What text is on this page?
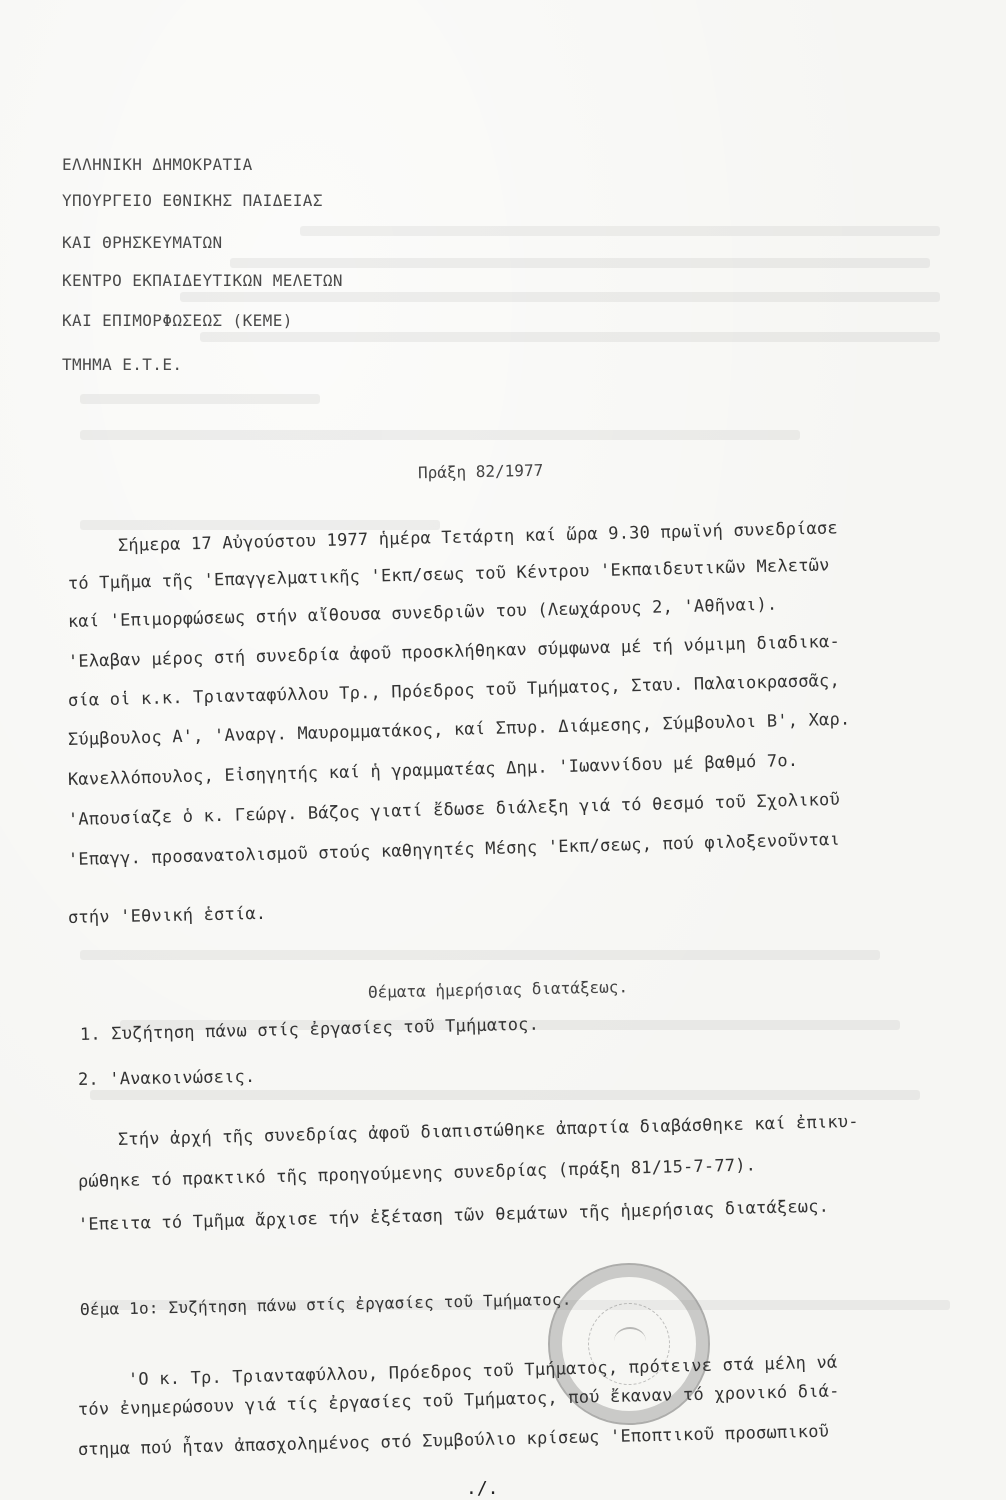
ΕΛΛΗΝΙΚΗ ΔΗΜΟΚΡΑΤΙΑ
ΥΠΟΥΡΓΕΙΟ ΕΘΝΙΚΗΣ ΠΑΙΔΕΙΑΣ
ΚΑΙ ΘΡΗΣΚΕΥΜΑΤΩΝ
ΚΕΝΤΡΟ ΕΚΠΑΙΔΕΥΤΙΚΩΝ ΜΕΛΕΤΩΝ
ΚΑΙ ΕΠΙΜΟΡΦΩΣΕΩΣ (ΚΕΜΕ)
ΤΜΗΜΑ Ε.Τ.Ε.
Πράξη 82/1977
Σήμερα 17 Αὐγούστου 1977 ἡμέρα Τετάρτη καί ὥρα 9.30 πρωϊνή συνεδρίασε
τό Τμῆμα τῆς 'Επαγγελματικῆς 'Εκπ/σεως τοῦ Κέντρου 'Εκπαιδευτικῶν Μελετῶν
καί 'Επιμορφώσεως στήν αἴθουσα συνεδριῶν του (Λεωχάρους 2, 'Αθῆναι).
'Ελαβαν μέρος στή συνεδρία ἀφοῦ προσκλήθηκαν σύμφωνα μέ τή νόμιμη διαδικα-
σία οἱ κ.κ. Τριανταφύλλου Τρ., Πρόεδρος τοῦ Τμήματος, Σταυ. Παλαιοκρασσᾶς,
Σύμβουλος Α', 'Αναργ. Μαυρομματάκος, καί Σπυρ. Διάμεσης, Σύμβουλοι Β', Χαρ.
Κανελλόπουλος, Εἰσηγητής καί ἡ γραμματέας Δημ. 'Ιωαννίδου μέ βαθμό 7ο.
'Απουσίαζε ὁ κ. Γεώργ. Βάζος γιατί ἔδωσε διάλεξη γιά τό θεσμό τοῦ Σχολικοῦ
'Επαγγ. προσανατολισμοῦ στούς καθηγητές Μέσης 'Εκπ/σεως, πού φιλοξενοῦνται
στήν 'Εθνική ἑστία.
Θέματα ἡμερήσιας διατάξεως.
1. Συζήτηση πάνω στίς ἐργασίες τοῦ Τμήματος.
2. 'Ανακοινώσεις.
Στήν ἀρχή τῆς συνεδρίας ἀφοῦ διαπιστώθηκε ἀπαρτία διαβάσθηκε καί ἐπικυ-
ρώθηκε τό πρακτικό τῆς προηγούμενης συνεδρίας (πράξη 81/15-7-77).
'Επειτα τό Τμῆμα ἄρχισε τήν ἐξέταση τῶν θεμάτων τῆς ἡμερήσιας διατάξεως.
Θέμα 1ο: Συζήτηση πάνω στίς ἐργασίες τοῦ Τμήματος.
'Ο κ. Τρ. Τριανταφύλλου, Πρόεδρος τοῦ Τμήματος, πρότεινε στά μέλη νά
τόν ἐνημερώσουν γιά τίς ἐργασίες τοῦ Τμήματος, πού ἔκαναν τό χρονικό διά-
στημα πού ἦταν ἀπασχολημένος στό Συμβούλιο κρίσεως 'Εποπτικοῦ προσωπικοῦ
./.
